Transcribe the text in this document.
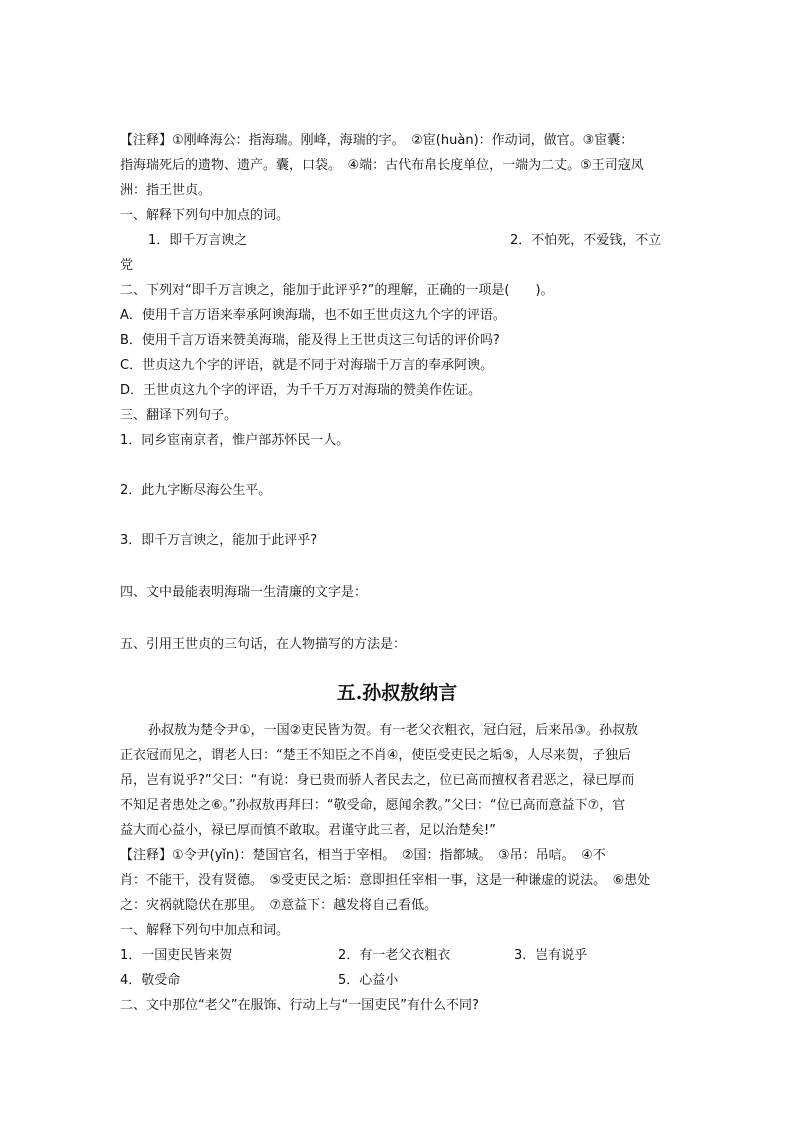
【注释】①刚峰海公：指海瑞。刚峰，海瑞的字。　②宦(huàn)：作动词，做官。③宦囊：
指海瑞死后的遗物、遗产。囊，口袋。　④端：古代布帛长度单位，一端为二丈。⑤王司寇凤
洲：指王世贞。
一、解释下列句中加点的词。
1．即千万言谀之	2．不怕死，不爱钱，不立
党
二、下列对“即千万言谀之，能加于此评乎?”的理解，正确的一项是(　　)。
A．使用千言万语来奉承阿谀海瑞，也不如王世贞这九个字的评语。
B．使用千言万语来赞美海瑞，能及得上王世贞这三句话的评价吗?
C．世贞这九个字的评语，就是不同于对海瑞千万言的奉承阿谀。
D．王世贞这九个字的评语，为千千万万对海瑞的赞美作佐证。
三、翻译下列句子。
1．同乡宦南京者，惟户部苏怀民一人。
2．此九字断尽海公生平。
3．即千万言谀之，能加于此评乎?
四、文中最能表明海瑞一生清廉的文字是：
五、引用王世贞的三句话，在人物描写的方法是：
五.孙叔敖纳言
孙叔敖为楚令尹①，一国②吏民皆为贺。有一老父衣粗衣，冠白冠，后来吊③。孙叔敖
正衣冠而见之，谓老人曰：“楚王不知臣之不肖④，使臣受吏民之垢⑤，人尽来贺，子独后
吊，岂有说乎?”父曰：“有说：身已贵而骄人者民去之，位已高而擅权者君恶之，禄已厚而
不知足者患处之⑥。”孙叔敖再拜曰：“敬受命，愿闻余教。”父曰：“位已高而意益下⑦，官
益大而心益小，禄已厚而慎不敢取。君谨守此三者，足以治楚矣!”
【注释】①令尹(yǐn)：楚国官名，相当于宰相。　②国：指都城。　③吊：吊唁。　④不
肖：不能干，没有贤德。　⑤受吏民之垢：意即担任宰相一事，这是一种谦虚的说法。　⑥患处
之：灾祸就隐伏在那里。　⑦意益下：越发将自己看低。
一、解释下列句中加点和词。
1．一国吏民皆来贺	2．有一老父衣粗衣	3．岂有说乎
4．敬受命	5．心益小
二、文中那位“老父”在服饰、行动上与“一国吏民”有什么不同?
